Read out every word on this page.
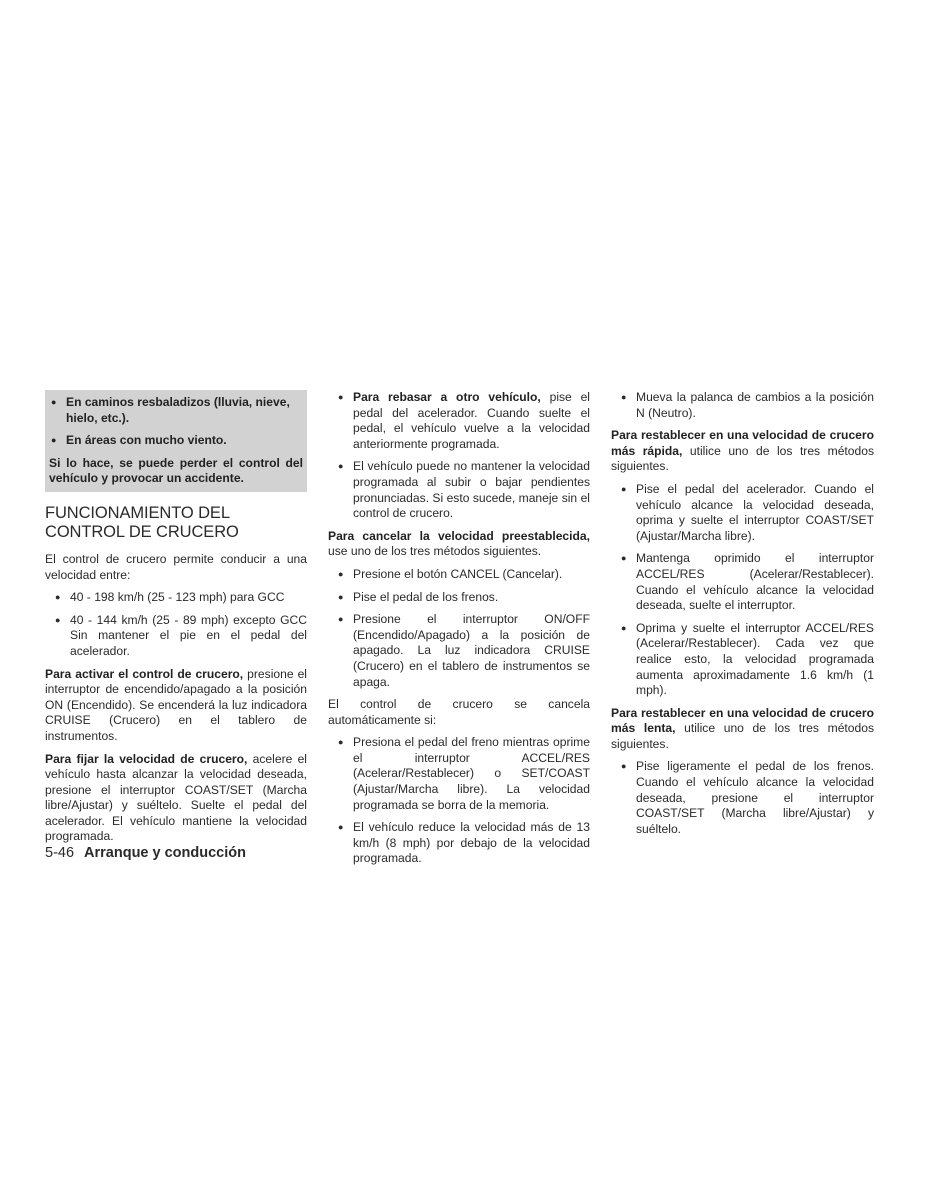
● En caminos resbaladizos (lluvia, nieve, hielo, etc.).
● En áreas con mucho viento.

Si lo hace, se puede perder el control del vehículo y provocar un accidente.

FUNCIONAMIENTO DEL CONTROL DE CRUCERO

El control de crucero permite conducir a una velocidad entre:

● 40 - 198 km/h (25 - 123 mph) para GCC
● 40 - 144 km/h (25 - 89 mph) excepto GCC Sin mantener el pie en el pedal del acelerador.

Para activar el control de crucero, presione el interruptor de encendido/apagado a la posición ON (Encendido). Se encenderá la luz indicadora CRUISE (Crucero) en el tablero de instrumentos.

Para fijar la velocidad de crucero, acelere el vehículo hasta alcanzar la velocidad deseada, presione el interruptor COAST/SET (Marcha libre/Ajustar) y suéltelo. Suelte el pedal del acelerador. El vehículo mantiene la velocidad programada.

● Para rebasar a otro vehículo, pise el pedal del acelerador. Cuando suelte el pedal, el vehículo vuelve a la velocidad anteriormente programada.
● El vehículo puede no mantener la velocidad programada al subir o bajar pendientes pronunciadas. Si esto sucede, maneje sin el control de crucero.

Para cancelar la velocidad preestablecida, use uno de los tres métodos siguientes.

● Presione el botón CANCEL (Cancelar).
● Pise el pedal de los frenos.
● Presione el interruptor ON/OFF (Encendido/Apagado) a la posición de apagado. La luz indicadora CRUISE (Crucero) en el tablero de instrumentos se apaga.

El control de crucero se cancela automáticamente si:

● Presiona el pedal del freno mientras oprime el interruptor ACCEL/RES (Acelerar/Restablecer) o SET/COAST (Ajustar/Marcha libre). La velocidad programada se borra de la memoria.
● El vehículo reduce la velocidad más de 13 km/h (8 mph) por debajo de la velocidad programada.
● Mueva la palanca de cambios a la posición N (Neutro).

Para restablecer en una velocidad de crucero más rápida, utilice uno de los tres métodos siguientes.

● Pise el pedal del acelerador. Cuando el vehículo alcance la velocidad deseada, oprima y suelte el interruptor COAST/SET (Ajustar/Marcha libre).
● Mantenga oprimido el interruptor ACCEL/RES (Acelerar/Restablecer). Cuando el vehículo alcance la velocidad deseada, suelte el interruptor.
● Oprima y suelte el interruptor ACCEL/RES (Acelerar/Restablecer). Cada vez que realice esto, la velocidad programada aumenta aproximadamente 1.6 km/h (1 mph).

Para restablecer en una velocidad de crucero más lenta, utilice uno de los tres métodos siguientes.

● Pise ligeramente el pedal de los frenos. Cuando el vehículo alcance la velocidad deseada, presione el interruptor COAST/SET (Marcha libre/Ajustar) y suéltelo.
5-46 Arranque y conducción
